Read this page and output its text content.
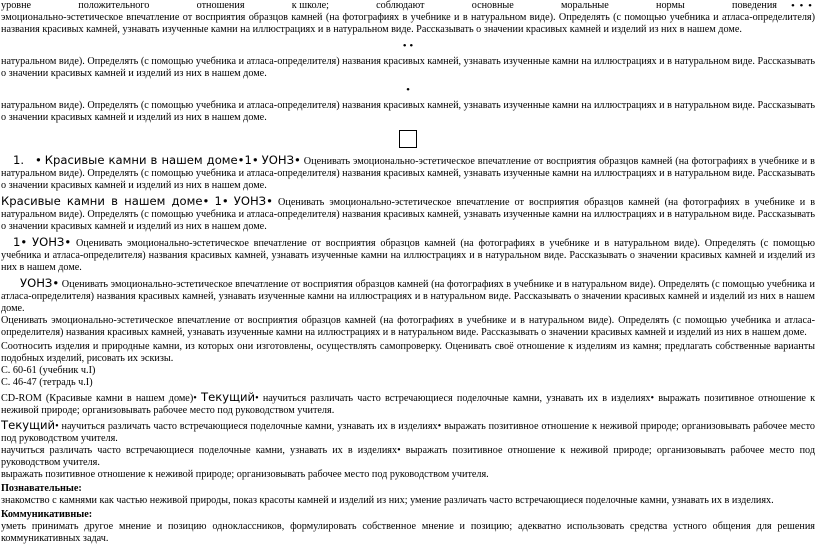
уровне	положительного	отношения	к школе;	соблюдают	основные	моральные	нормы	поведения • • •

эмоционально-эстетическое впечатление от восприятия образцов камней (на фотографиях в учебнике и в натуральном виде). Определять (с помощью учебника и атласа-определителя) названия красивых камней, узнавать изученные камни на иллюстрациях и в натуральном виде. Рассказывать о значении красивых камней и изделий из них в нашем доме.

• •

натуральном виде). Определять (с помощью учебника и атласа-определителя) названия красивых камней, узнавать изученные камни на иллюстрациях и в натуральном виде. Рассказывать о значении красивых камней и изделий из них в нашем доме.

•

натуральном виде). Определять (с помощью учебника и атласа-определителя) названия красивых камней, узнавать изученные камни на иллюстрациях и в натуральном виде. Рассказывать о значении красивых камней и изделий из них в нашем доме.

1. • Красивые камни в нашем доме•1• УОНЗ• Оценивать эмоционально-эстетическое впечатление от восприятия образцов камней (на фотографиях в учебнике и в натуральном виде). Определять (с помощью учебника и атласа-определителя) названия красивых камней, узнавать изученные камни на иллюстрациях и в натуральном виде. Рассказывать о значении красивых камней и изделий из них в нашем доме.

Красивые камни в нашем доме• 1• УОНЗ• Оценивать эмоционально-эстетическое впечатление от восприятия образцов камней (на фотографиях в учебнике и в натуральном виде). Определять (с помощью учебника и атласа-определителя) названия красивых камней, узнавать изученные камни на иллюстрациях и в натуральном виде. Рассказывать о значении красивых камней и изделий из них в нашем доме.

1• УОНЗ• Оценивать эмоционально-эстетическое впечатление от восприятия образцов камней (на фотографиях в учебнике и в натуральном виде). Определять (с помощью учебника и атласа-определителя) названия красивых камней, узнавать изученные камни на иллюстрациях и в натуральном виде. Рассказывать о значении красивых камней и изделий из них в нашем доме.

УОНЗ• Оценивать эмоционально-эстетическое впечатление от восприятия образцов камней (на фотографиях в учебнике и в натуральном виде). Определять (с помощью учебника и атласа-определителя) названия красивых камней, узнавать изученные камни на иллюстрациях и в натуральном виде. Рассказывать о значении красивых камней и изделий из них в нашем доме.

Оценивать эмоционально-эстетическое впечатление от восприятия образцов камней (на фотографиях в учебнике и в натуральном виде). Определять (с помощью учебника и атласа-определителя) названия красивых камней, узнавать изученные камни на иллюстрациях и в натуральном виде. Рассказывать о значении красивых камней и изделий из них в нашем доме.

Соотносить изделия и природные камни, из которых они изготовлены, осуществлять самопроверку. Оценивать своё отношение к изделиям из камня; предлагать собственные варианты подобных изделий, рисовать их эскизы.

С. 60-61 (учебник ч.I)

С. 46-47 (тетрадь ч.I)

CD-ROM (Красивые камни в нашем доме)• Текущий• научиться различать часто встречающиеся поделочные камни, узнавать их в изделиях• выражать позитивное отношение к неживой природе; организовывать рабочее место под руководством учителя.

Текущий• научиться различать часто встречающиеся поделочные камни, узнавать их в изделиях• выражать позитивное отношение к неживой природе; организовывать рабочее место под руководством учителя.

научиться различать часто встречающиеся поделочные камни, узнавать их в изделиях• выражать позитивное отношение к неживой природе; организовывать рабочее место под руководством учителя.

выражать позитивное отношение к неживой природе; организовывать рабочее место под руководством учителя.

Познавательные:

знакомство с камнями как частью неживой природы, показ красоты камней и изделий из них; умение различать часто встречающиеся поделочные камни, узнавать их в изделиях.

Коммуникативные:

уметь принимать другое мнение и позицию одноклассников, формулировать собственное мнение и позицию; адекватно использовать средства устного общения для решения коммуникативных задач.
